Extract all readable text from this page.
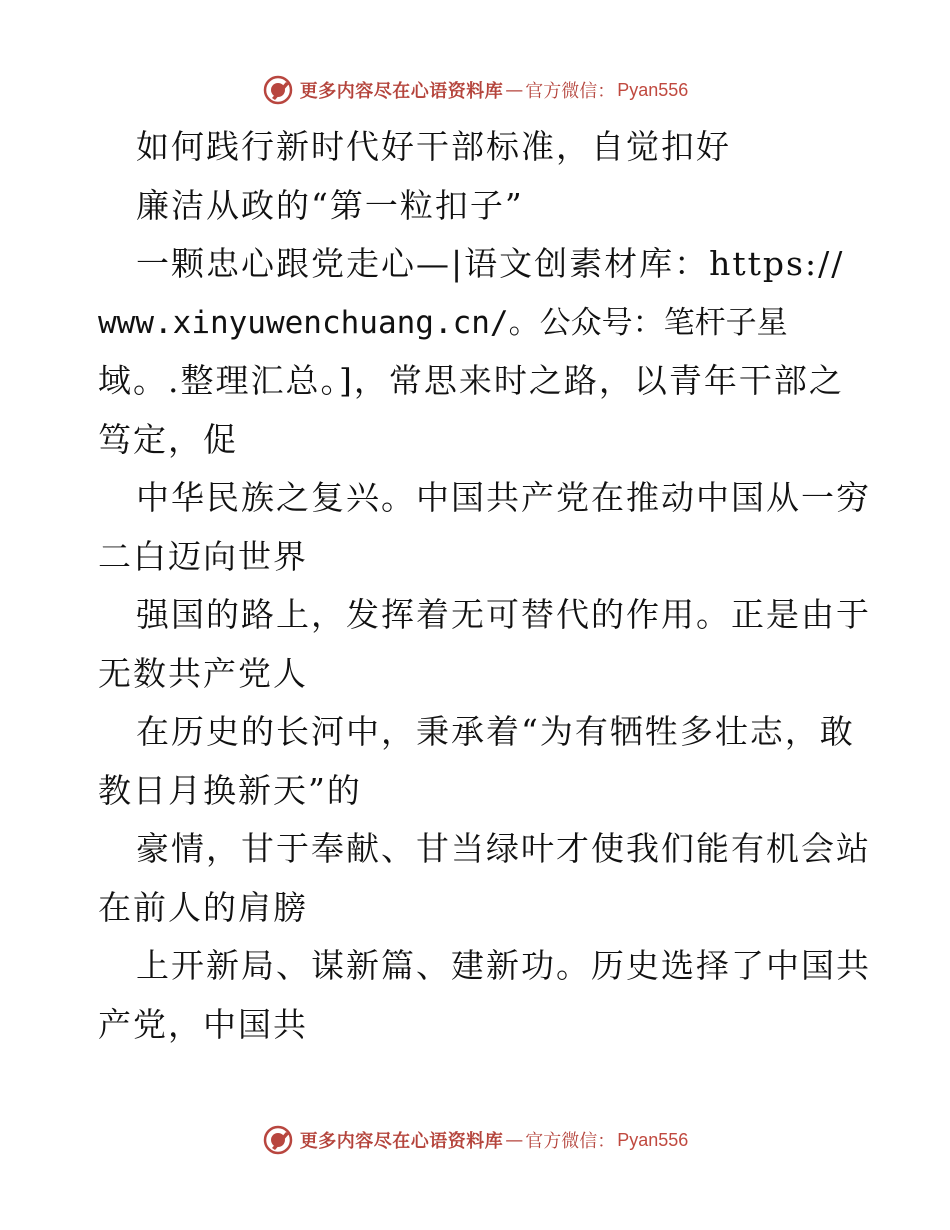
更多内容尽在心语资料库 — 官方微信： Pyan556
如何践行新时代好干部标准，自觉扣好
廉洁从政的“第一粒扣子”
一颗忠心跟党走心—|语文创素材库：https://
www.xinyuwenchuang.cn/。公众号：笔杆子星
域。.整理汇总。]，常思来时之路，以青年干部之
笃定，促
中华民族之复兴。中国共产党在推动中国从一穷
二白迈向世界
强国的路上，发挥着无可替代的作用。正是由于
无数共产党人
在历史的长河中，秉承着“为有牺牲多壮志，敢
教日月换新天”的
豪情，甘于奉献、甘当绿叶才使我们能有机会站
在前人的肩膀
上开新局、谋新篇、建新功。历史选择了中国共
产党，中国共
更多内容尽在心语资料库 — 官方微信： Pyan556
